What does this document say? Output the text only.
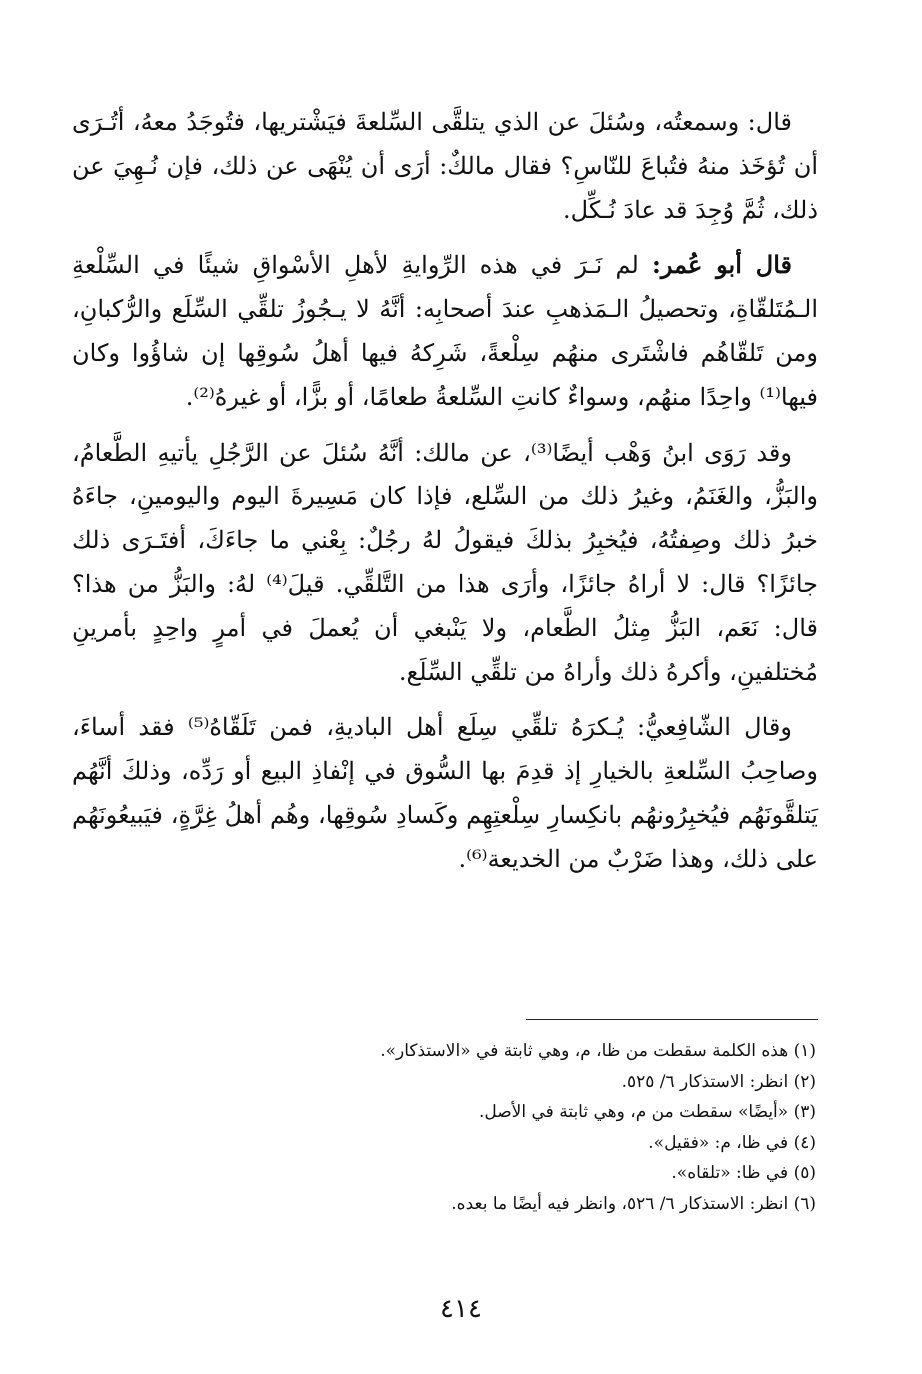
قال: وسمعتُه، وسُئلَ عن الذي يتلقَّى السِّلعةَ فيَشْتريها، فتُوجَدُ معهُ، أتُـرَى أن تُؤخَذ منهُ فتُباعَ للنّاسِ؟ فقال مالكٌ: أرَى أن يُنْهَى عن ذلك، فإن نُـهِيَ عن ذلك، ثُمَّ وُجِدَ قد عادَ نُـكِّل.

قال أبو عُمر: لم نَـرَ في هذه الرِّوايةِ لأهلِ الأسْواقِ شيئًا في السِّلْعةِ الـمُتَلقّاةِ، وتحصيلُ الـمَذهبِ عندَ أصحابِه: أنَّهُ لا يـجُوزُ تلقِّي السِّلَع والرُّكبانِ، ومن تَلقّاهُم فاشْتَرى منهُم سِلْعةً، شَرِكهُ فيها أهلُ سُوقِها إن شاؤُوا وكان فيها⁽¹⁾ واحِدًا منهُم، وسواءٌ كانتِ السِّلعةُ طعامًا، أو بزًّا، أو غيرهُ⁽²⁾.

وقد رَوَى ابنُ وَهْب أيضًا⁽³⁾، عن مالك: أنَّهُ سُئلَ عن الرَّجُلِ يأتيهِ الطَّعامُ، والبَزُّ، والغَنَمُ، وغيرُ ذلك من السِّلع، فإذا كان مَسِيرةَ اليوم واليومينِ، جاءَهُ خبرُ ذلك وصِفتُهُ، فيُخبِرُ بذلكَ فيقولُ لهُ رجُلٌ: بِعْني ما جاءَكَ، أفتَـرَى ذلك جائزًا؟ قال: لا أراهُ جائزًا، وأرَى هذا من التَّلقِّي. قيلَ⁽⁴⁾ لهُ: والبَزُّ من هذا؟ قال: نَعَم، البَزُّ مِثلُ الطَّعام، ولا يَنْبغي أن يُعملَ في أمرٍ واحِدٍ بأمرينِ مُختلفينِ، وأكرهُ ذلك وأراهُ من تلقِّي السِّلَع.

وقال الشّافِعيُّ: يُـكرَهُ تلقِّي سِلَع أهل الباديةِ، فمن تَلَقّاهُ⁽⁵⁾ فقد أساءَ، وصاحِبُ السِّلعةِ بالخيارِ إذ قدِمَ بها السُّوق في إنْفاذِ البيع أو رَدِّه، وذلكَ أنَّهُم يَتلقَّونَهُم فيُخبِرُونهُم بانكِسارِ سِلْعتِهِم وكَسادِ سُوقِها، وهُم أهلُ غِرَّةٍ، فيَبيعُونَهُم على ذلك، وهذا ضَرْبٌ من الخديعة⁽⁶⁾.

(١) هذه الكلمة سقطت من ظا، م، وهي ثابتة في «الاستذكار».

(٢) انظر: الاستذكار ٦/ ٥٢٥.

(٣) «أيضًا» سقطت من م، وهي ثابتة في الأصل.

(٤) في ظا، م: «فقيل».

(٥) في ظا: «تلقاه».

(٦) انظر: الاستذكار ٦/ ٥٢٦، وانظر فيه أيضًا ما بعده.

٤١٤
